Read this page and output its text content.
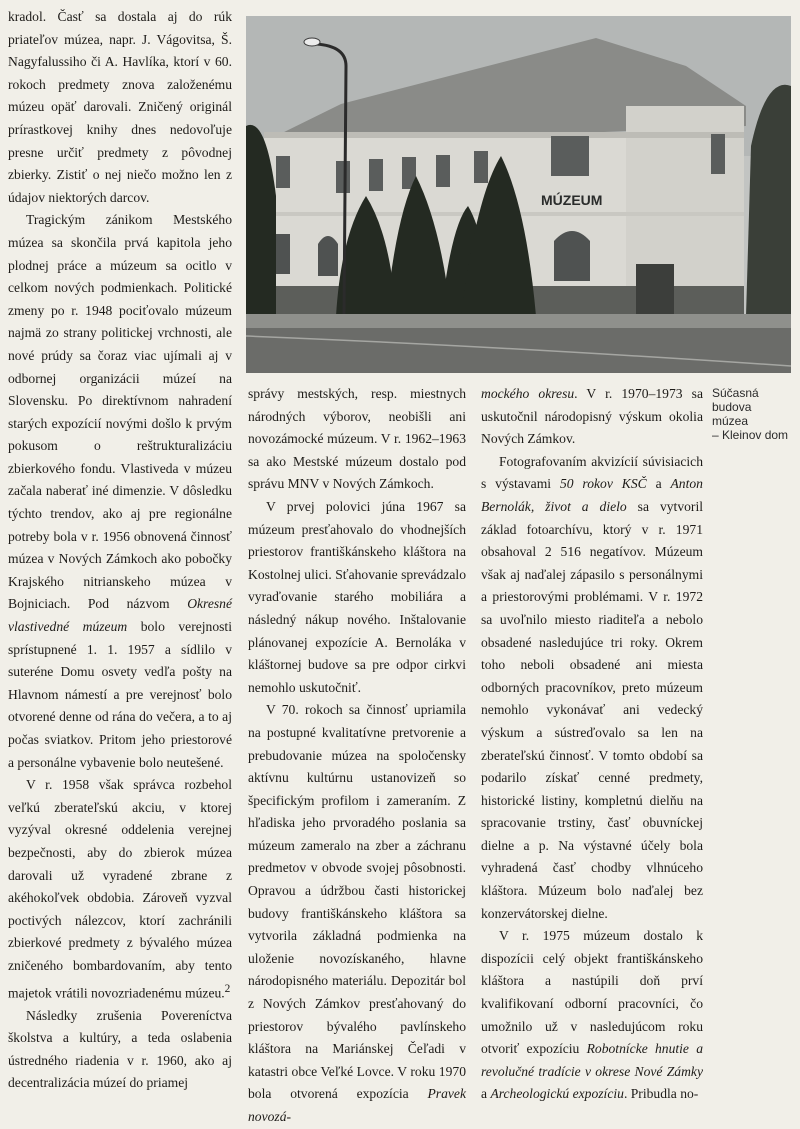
kradol. Časť sa dostala aj do rúk priateľov múzea, napr. J. Vágovitsa, Š. Nagyfalussiho či A. Havlíka, ktorí v 60. rokoch predmety znova založenému múzeu opäť darovali. Zničený originál prírastkovej knihy dnes nedovoľuje presne určiť predmety z pôvodnej zbierky. Zistiť o nej niečo možno len z údajov niektorých darcov.

Tragickým zánikom Mestského múzea sa skončila prvá kapitola jeho plodnej práce a múzeum sa ocitlo v celkom nových podmienkach. Politické zmeny po r. 1948 pociťovalo múzeum najmä zo strany politickej vrchnosti, ale nové prúdy sa čoraz viac ujímali aj v odbornej organizácii múzeí na Slovensku. Po direktívnom nahradení starých expozícií novými došlo k prvým pokusom o reštrukturalizáciu zbierkového fondu. Vlastiveda v múzeu začala naberať iné dimenzie. V dôsledku týchto trendov, ako aj pre regionálne potreby bola v r. 1956 obnovená činnosť múzea v Nových Zámkoch ako pobočky Krajského nitrianskeho múzea v Bojniciach. Pod názvom Okresné vlastivedné múzeum bolo verejnosti sprístupnené 1. 1. 1957 a sídlilo v suteréne Domu osvety vedľa pošty na Hlavnom námestí a pre verejnosť bolo otvorené denne od rána do večera, a to aj počas sviatkov. Pritom jeho priestorové a personálne vybavenie bolo neutešené.

V r. 1958 však správca rozbehol veľkú zberateľskú akciu, v ktorej vyzýval okresné oddelenia verejnej bezpečnosti, aby do zbierok múzea darovali už vyradené zbrane z akéhokoľvek obdobia. Zároveň vyzval poctivých nálezcov, ktorí zachránili zbierkové predmety z bývalého múzea zničeného bombardovaním, aby tento majetok vrátili novozriadenému múzeu.$^2$

Následky zrušenia Povereníctva školstva a kultúry, a teda oslabenia ústredného riadenia v r. 1960, ako aj decentralizácia múzeí do priamej

MÚZEUM
Súčasná
budova
múzea
– Kleinov dom

správy mestských, resp. miestnych národných výborov, neobišli ani novozámocké múzeum. V r. 1962–1963 sa ako Mestské múzeum dostalo pod správu MNV v Nových Zámkoch.

V prvej polovici júna 1967 sa múzeum presťahovalo do vhodnejších priestorov františkánskeho kláštora na Kostolnej ulici. Sťahovanie sprevádzalo vyraďovanie starého mobiliára a následný nákup nového. Inštalovanie plánovanej expozície A. Bernoláka v kláštornej budove sa pre odpor cirkvi nemohlo uskutočniť.

V 70. rokoch sa činnosť upriamila na postupné kvalitatívne pretvorenie a prebudovanie múzea na spoločensky aktívnu kultúrnu ustanovizeň so špecifickým profilom i zameraním. Z hľadiska jeho prvoradého poslania sa múzeum zameralo na zber a záchranu predmetov v obvode svojej pôsobnosti. Opravou a údržbou časti historickej budovy františkánskeho kláštora sa vytvorila základná podmienka na uloženie novozískaného, hlavne národopisného materiálu. Depozitár bol z Nových Zámkov presťahovaný do priestorov bývalého pavlínskeho kláštora na Mariánskej Čeľadi v katastri obce Veľké Lovce. V roku 1970 bola otvorená expozícia Pravek novozá-

mockého okresu. V r. 1970–1973 sa uskutočnil národopisný výskum okolia Nových Zámkov.

Fotografovaním akvizícií súvisiacich s výstavami 50 rokov KSČ a Anton Bernolák, život a dielo sa vytvoril základ fotoarchívu, ktorý v r. 1971 obsahoval 2 516 negatívov. Múzeum však aj naďalej zápasilo s personálnymi a priestorovými problémami. V r. 1972 sa uvoľnilo miesto riaditeľa a nebolo obsadené nasledujúce tri roky. Okrem toho neboli obsadené ani miesta odborných pracovníkov, preto múzeum nemohlo vykonávať ani vedecký výskum a sústreďovalo sa len na zberateľskú činnosť. V tomto období sa podarilo získať cenné predmety, historické listiny, kompletnú dielňu na spracovanie trstiny, časť obuvníckej dielne a p. Na výstavné účely bola vyhradená časť chodby vlhnúceho kláštora. Múzeum bolo naďalej bez konzervátorskej dielne.

V r. 1975 múzeum dostalo k dispozícii celý objekt františkánskeho kláštora a nastúpili doň prví kvalifikovaní odborní pracovníci, čo umožnilo už v nasledujúcom roku otvoriť expozíciu Robotnícke hnutie a revolučné tradície v okrese Nové Zámky a Archeologickú expozíciu. Pribudla no-
